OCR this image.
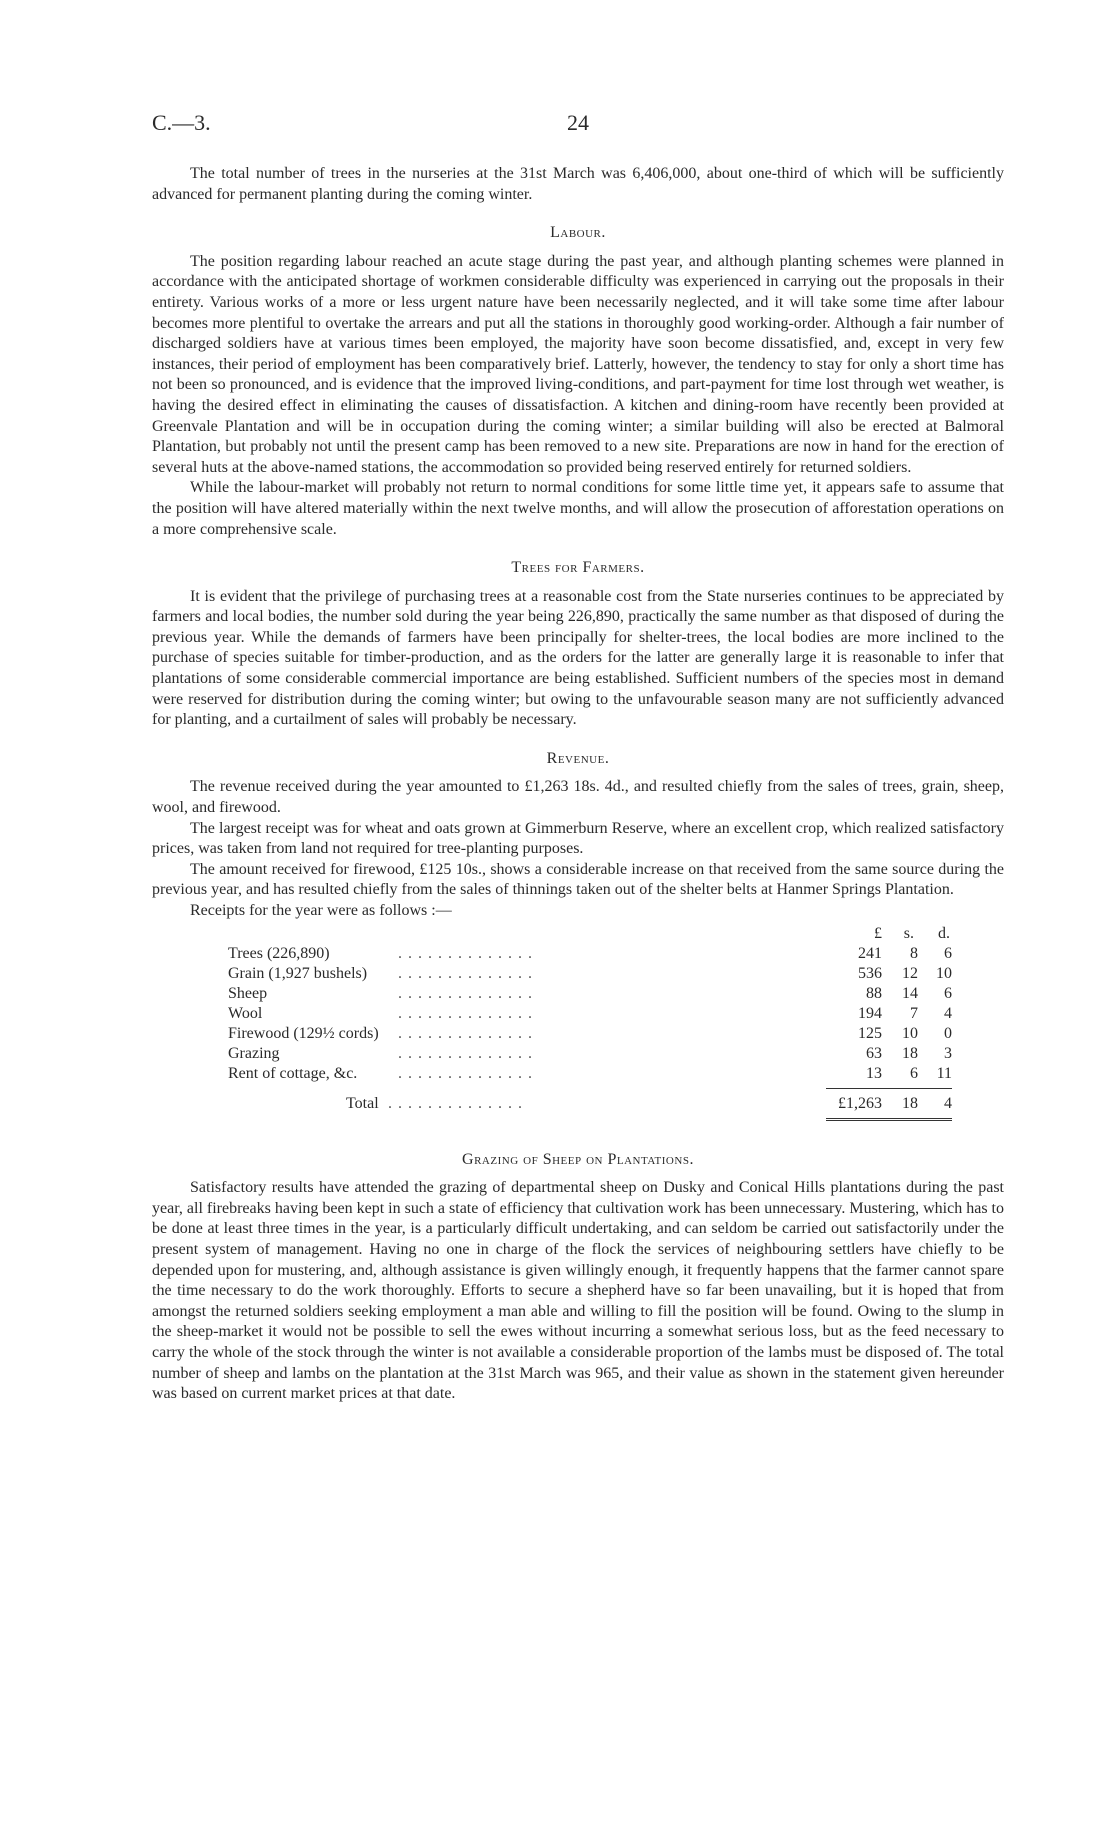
C.—3.	24

The total number of trees in the nurseries at the 31st March was 6,406,000, about one-third of which will be sufficiently advanced for permanent planting during the coming winter.

Labour.

The position regarding labour reached an acute stage during the past year, and although planting schemes were planned in accordance with the anticipated shortage of workmen considerable difficulty was experienced in carrying out the proposals in their entirety. Various works of a more or less urgent nature have been necessarily neglected, and it will take some time after labour becomes more plentiful to overtake the arrears and put all the stations in thoroughly good working-order. Although a fair number of discharged soldiers have at various times been employed, the majority have soon become dissatisfied, and, except in very few instances, their period of employment has been comparatively brief. Latterly, however, the tendency to stay for only a short time has not been so pronounced, and is evidence that the improved living-conditions, and part-payment for time lost through wet weather, is having the desired effect in eliminating the causes of dissatisfaction. A kitchen and dining-room have recently been provided at Greenvale Plantation and will be in occupation during the coming winter; a similar building will also be erected at Balmoral Plantation, but probably not until the present camp has been removed to a new site. Preparations are now in hand for the erection of several huts at the above-named stations, the accommodation so provided being reserved entirely for returned soldiers.

While the labour-market will probably not return to normal conditions for some little time yet, it appears safe to assume that the position will have altered materially within the next twelve months, and will allow the prosecution of afforestation operations on a more comprehensive scale.

Trees for Farmers.

It is evident that the privilege of purchasing trees at a reasonable cost from the State nurseries continues to be appreciated by farmers and local bodies, the number sold during the year being 226,890, practically the same number as that disposed of during the previous year. While the demands of farmers have been principally for shelter-trees, the local bodies are more inclined to the purchase of species suitable for timber-production, and as the orders for the latter are generally large it is reasonable to infer that plantations of some considerable commercial importance are being established. Sufficient numbers of the species most in demand were reserved for distribution during the coming winter; but owing to the unfavourable season many are not sufficiently advanced for planting, and a curtailment of sales will probably be necessary.

Revenue.

The revenue received during the year amounted to £1,263 18s. 4d., and resulted chiefly from the sales of trees, grain, sheep, wool, and firewood.

The largest receipt was for wheat and oats grown at Gimmerburn Reserve, where an excellent crop, which realized satisfactory prices, was taken from land not required for tree-planting purposes.

The amount received for firewood, £125 10s., shows a considerable increase on that received from the same source during the previous year, and has resulted chiefly from the sales of thinnings taken out of the shelter belts at Hanmer Springs Plantation.

Receipts for the year were as follows :—

£	s.	d.
. . . . . . . . . . . . . .
Trees (226,890)	241	8	6
. . . . . . . . . . . . . .
Grain (1,927 bushels)	536	12	10
. . . . . . . . . . . . . .
Sheep	88	14	6
. . . . . . . . . . . . . .
Wool	194	7	4
. . . . . . . . . . . . . .
Firewood (129½ cords)	125	10	0
. . . . . . . . . . . . . .
Grazing	63	18	3
. . . . . . . . . . . . . .
Rent of cottage, &c.	13	6	11
. . . . . . . . . . . . . .
Total	£1,263	18	4
Grazing of Sheep on Plantations.

Satisfactory results have attended the grazing of departmental sheep on Dusky and Conical Hills plantations during the past year, all firebreaks having been kept in such a state of efficiency that cultivation work has been unnecessary. Mustering, which has to be done at least three times in the year, is a particularly difficult undertaking, and can seldom be carried out satisfactorily under the present system of management. Having no one in charge of the flock the services of neighbouring settlers have chiefly to be depended upon for mustering, and, although assistance is given willingly enough, it frequently happens that the farmer cannot spare the time necessary to do the work thoroughly. Efforts to secure a shepherd have so far been unavailing, but it is hoped that from amongst the returned soldiers seeking employment a man able and willing to fill the position will be found. Owing to the slump in the sheep-market it would not be possible to sell the ewes without incurring a somewhat serious loss, but as the feed necessary to carry the whole of the stock through the winter is not available a considerable proportion of the lambs must be disposed of. The total number of sheep and lambs on the plantation at the 31st March was 965, and their value as shown in the statement given hereunder was based on current market prices at that date.
